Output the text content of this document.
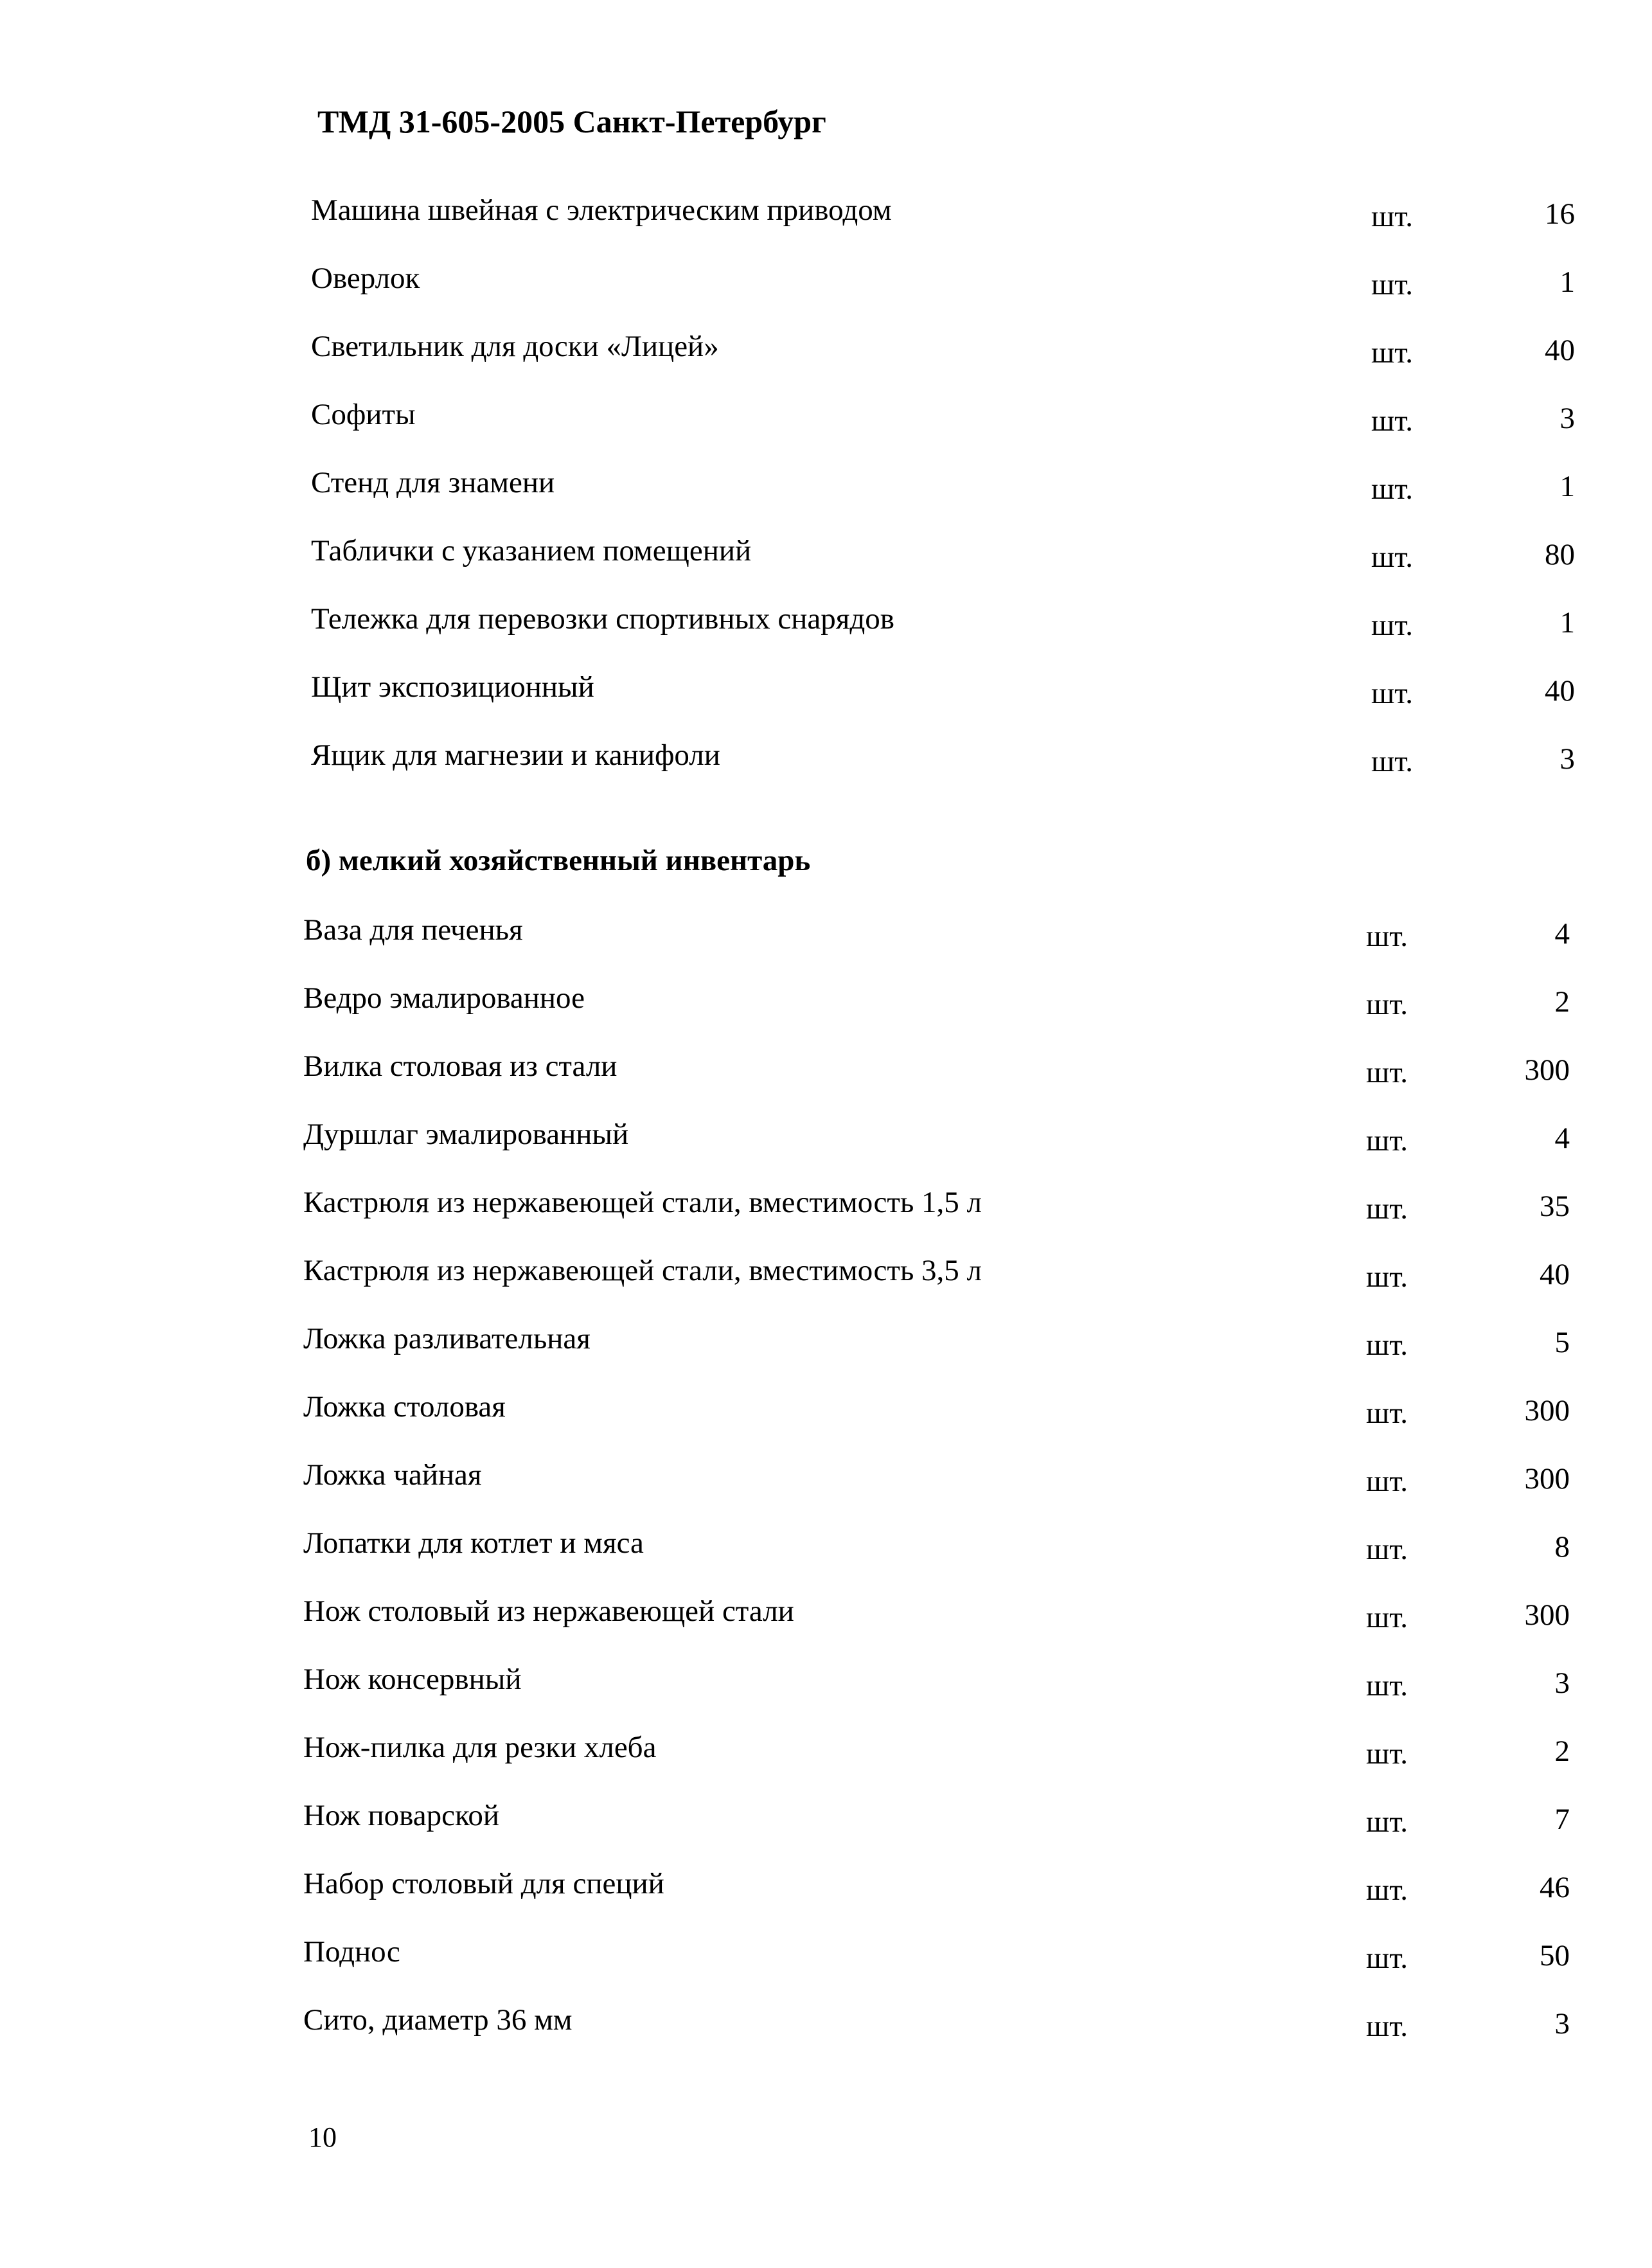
ТМД 31-605-2005 Санкт-Петербург
Машина швейная с электрическим приводом	шт.	16
Оверлок	шт.	1
Светильник для доски «Лицей»	шт.	40
Софиты	шт.	3
Стенд для знамени	шт.	1
Таблички с указанием помещений	шт.	80
Тележка для перевозки спортивных снарядов	шт.	1
Щит экспозиционный	шт.	40
Ящик для магнезии и канифоли	шт.	3
б) мелкий хозяйственный инвентарь
Ваза для печенья	шт.	4
Ведро эмалированное	шт.	2
Вилка столовая из стали	шт.	300
Дуршлаг эмалированный	шт.	4
Кастрюля из нержавеющей стали, вместимость 1,5 л	шт.	35
Кастрюля из нержавеющей стали, вместимость 3,5 л	шт.	40
Ложка разливательная	шт.	5
Ложка столовая	шт.	300
Ложка чайная	шт.	300
Лопатки для котлет и мяса	шт.	8
Нож столовый из нержавеющей стали	шт.	300
Нож консервный	шт.	3
Нож-пилка для резки хлеба	шт.	2
Нож поварской	шт.	7
Набор столовый для специй	шт.	46
Поднос	шт.	50
Сито, диаметр 36 мм	шт.	3
10
